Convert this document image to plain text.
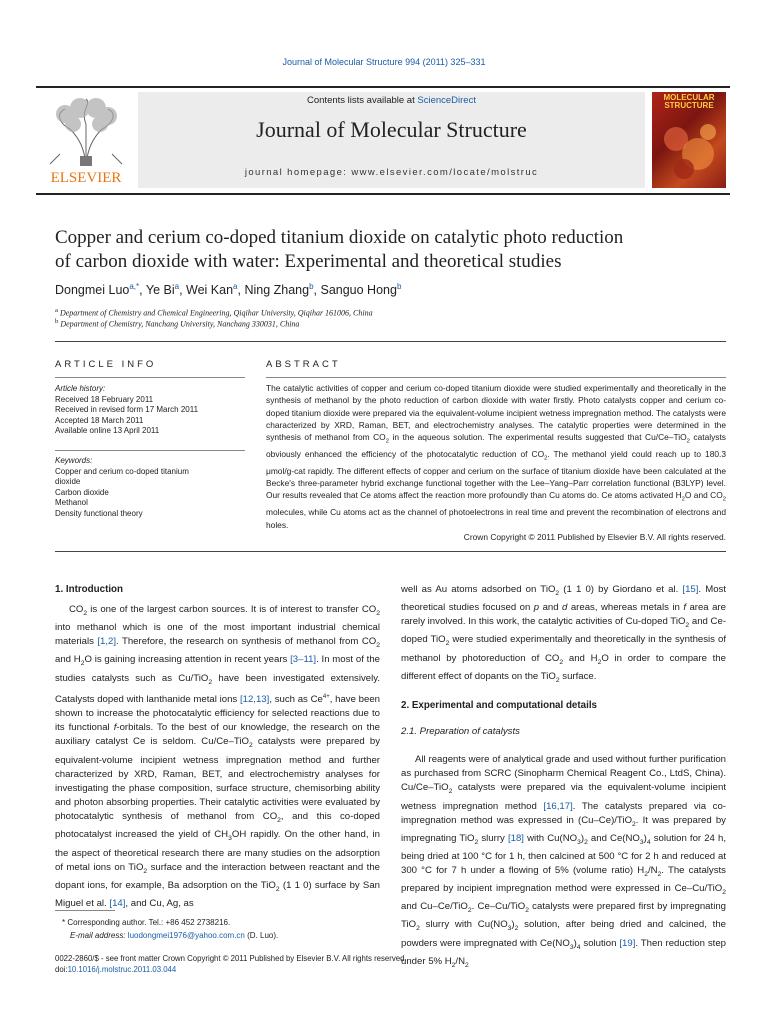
Journal of Molecular Structure 994 (2011) 325–331
ELSEVIER
Contents lists available at ScienceDirect
Journal of Molecular Structure
journal homepage: www.elsevier.com/locate/molstruc
MOLECULAR STRUCTURE
Copper and cerium co-doped titanium dioxide on catalytic photo reduction
of carbon dioxide with water: Experimental and theoretical studies
Dongmei Luo$^{a,*}$, Ye Bi$^a$, Wei Kan$^a$, Ning Zhang$^b$, Sanguo Hong$^b$
$^a$ Department of Chemistry and Chemical Engineering, Qiqihar University, Qiqihar 161006, China
$^b$ Department of Chemistry, Nanchang University, Nanchang 330031, China
ARTICLE INFO
Article history:
Received 18 February 2011
Received in revised form 17 March 2011
Accepted 18 March 2011
Available online 13 April 2011
Keywords:
Copper and cerium co-doped titanium
dioxide
Carbon dioxide
Methanol
Density functional theory
ABSTRACT
The catalytic activities of copper and cerium co-doped titanium dioxide were studied experimentally and theoretically in the synthesis of methanol by the photo reduction of carbon dioxide with water firstly. Photo catalysts copper and cerium co-doped titanium dioxide were prepared via the equivalent-volume incipient wetness impregnation method. The catalysts were characterized by XRD, Raman, BET, and electrochemistry analyses. The catalytic properties were determined in the synthesis of methanol from $CO_2$ in the aqueous solution. The experimental results suggested that Cu/Ce–TiO$_2$ catalysts obviously enhanced the efficiency of the photocatalytic reduction of $CO_2$. The methanol yield could reach up to 180.3 μmol/g-cat rapidly. The different effects of copper and cerium on the surface of titanium dioxide have been calculated at the Becke's three-parameter hybrid exchange functional together with the Lee–Yang–Parr correlation functional (B3LYP) level. Our results revealed that Ce atoms affect the reaction more profoundly than Cu atoms do. Ce atoms activated $H_2O$ and $CO_2$ molecules, while Cu atoms act as the channel of photoelectrons in real time and prevent the recombination of electrons and holes.
Crown Copyright © 2011 Published by Elsevier B.V. All rights reserved.
1. Introduction

$CO_2$ is one of the largest carbon sources. It is of interest to transfer $CO_2$ into methanol which is one of the most important industrial chemical materials [1,2]. Therefore, the research on synthesis of methanol from $CO_2$ and $H_2O$ is gaining increasing attention in recent years [3–11]. In most of the studies catalysts such as Cu/TiO$_2$ have been investigated extensively. Catalysts doped with lanthanide metal ions [12,13], such as $Ce^{4+}$, have been shown to increase the photocatalytic efficiency for selected reactions due to its functional f-orbitals. To the best of our knowledge, the research on the auxiliary catalyst Ce is seldom. Cu/Ce–TiO$_2$ catalysts were prepared by equivalent-volume incipient wetness impregnation method and further characterized by XRD, Raman, BET, and electrochemistry analyses for investigating the phase composition, surface structure, chemisorbing ability and photon absorbing properties. Their catalytic activities were evaluated by photocatalytic synthesis of methanol from $CO_2$, and this co-doped photocatalyst increased the yield of $CH_3OH$ rapidly. On the other hand, in the aspect of theoretical research there are many studies on the adsorption of metal ions on TiO$_2$ surface and the interaction between reactant and the dopant ions, for example, Ba adsorption on the TiO$_2$ (1 1 0) surface by San Miguel et al. [14], and Cu, Ag, as

* Corresponding author. Tel.: +86 452 2738216.
E-mail address: luodongmei1976@yahoo.com.cn (D. Luo).

well as Au atoms adsorbed on TiO$_2$ (1 1 0) by Giordano et al. [15]. Most theoretical studies focused on p and d areas, whereas metals in f area are rarely involved. In this work, the catalytic activities of Cu-doped TiO$_2$ and Ce-doped TiO$_2$ were studied experimentally and theoretically in the synthesis of methanol by photoreduction of $CO_2$ and $H_2O$ in order to compare the different effect of dopants on the TiO$_2$ surface.

2. Experimental and computational details
2.1. Preparation of catalysts

All reagents were of analytical grade and used without further purification as purchased from SCRC (Sinopharm Chemical Reagent Co., LtdS, China). Cu/Ce–TiO$_2$ catalysts were prepared via the equivalent-volume incipient wetness impregnation method [16,17]. The catalysts prepared via co-impregnation method was expressed in (Cu–Ce)/TiO$_2$. It was prepared by impregnating TiO$_2$ slurry [18] with $Cu(NO_3)_2$ and $Ce(NO_3)_4$ solution for 24 h, being dried at 100 °C for 1 h, then calcined at 500 °C for 2 h and reduced at 300 °C for 7 h under a flowing of 5% (volume ratio) $H_2/N_2$. The catalysts prepared by incipient impregnation method were expressed in Ce–Cu/TiO$_2$ and Cu–Ce/TiO$_2$. Ce–Cu/TiO$_2$ catalysts were prepared first by impregnating TiO$_2$ slurry with $Cu(NO_3)_2$ solution, after being dried and calcined, the powders were impregnated with $Ce(NO_3)_4$ solution [19]. Then reduction step under 5% $H_2/N_2$

0022-2860/$ - see front matter Crown Copyright © 2011 Published by Elsevier B.V. All rights reserved.
doi:10.1016/j.molstruc.2011.03.044
